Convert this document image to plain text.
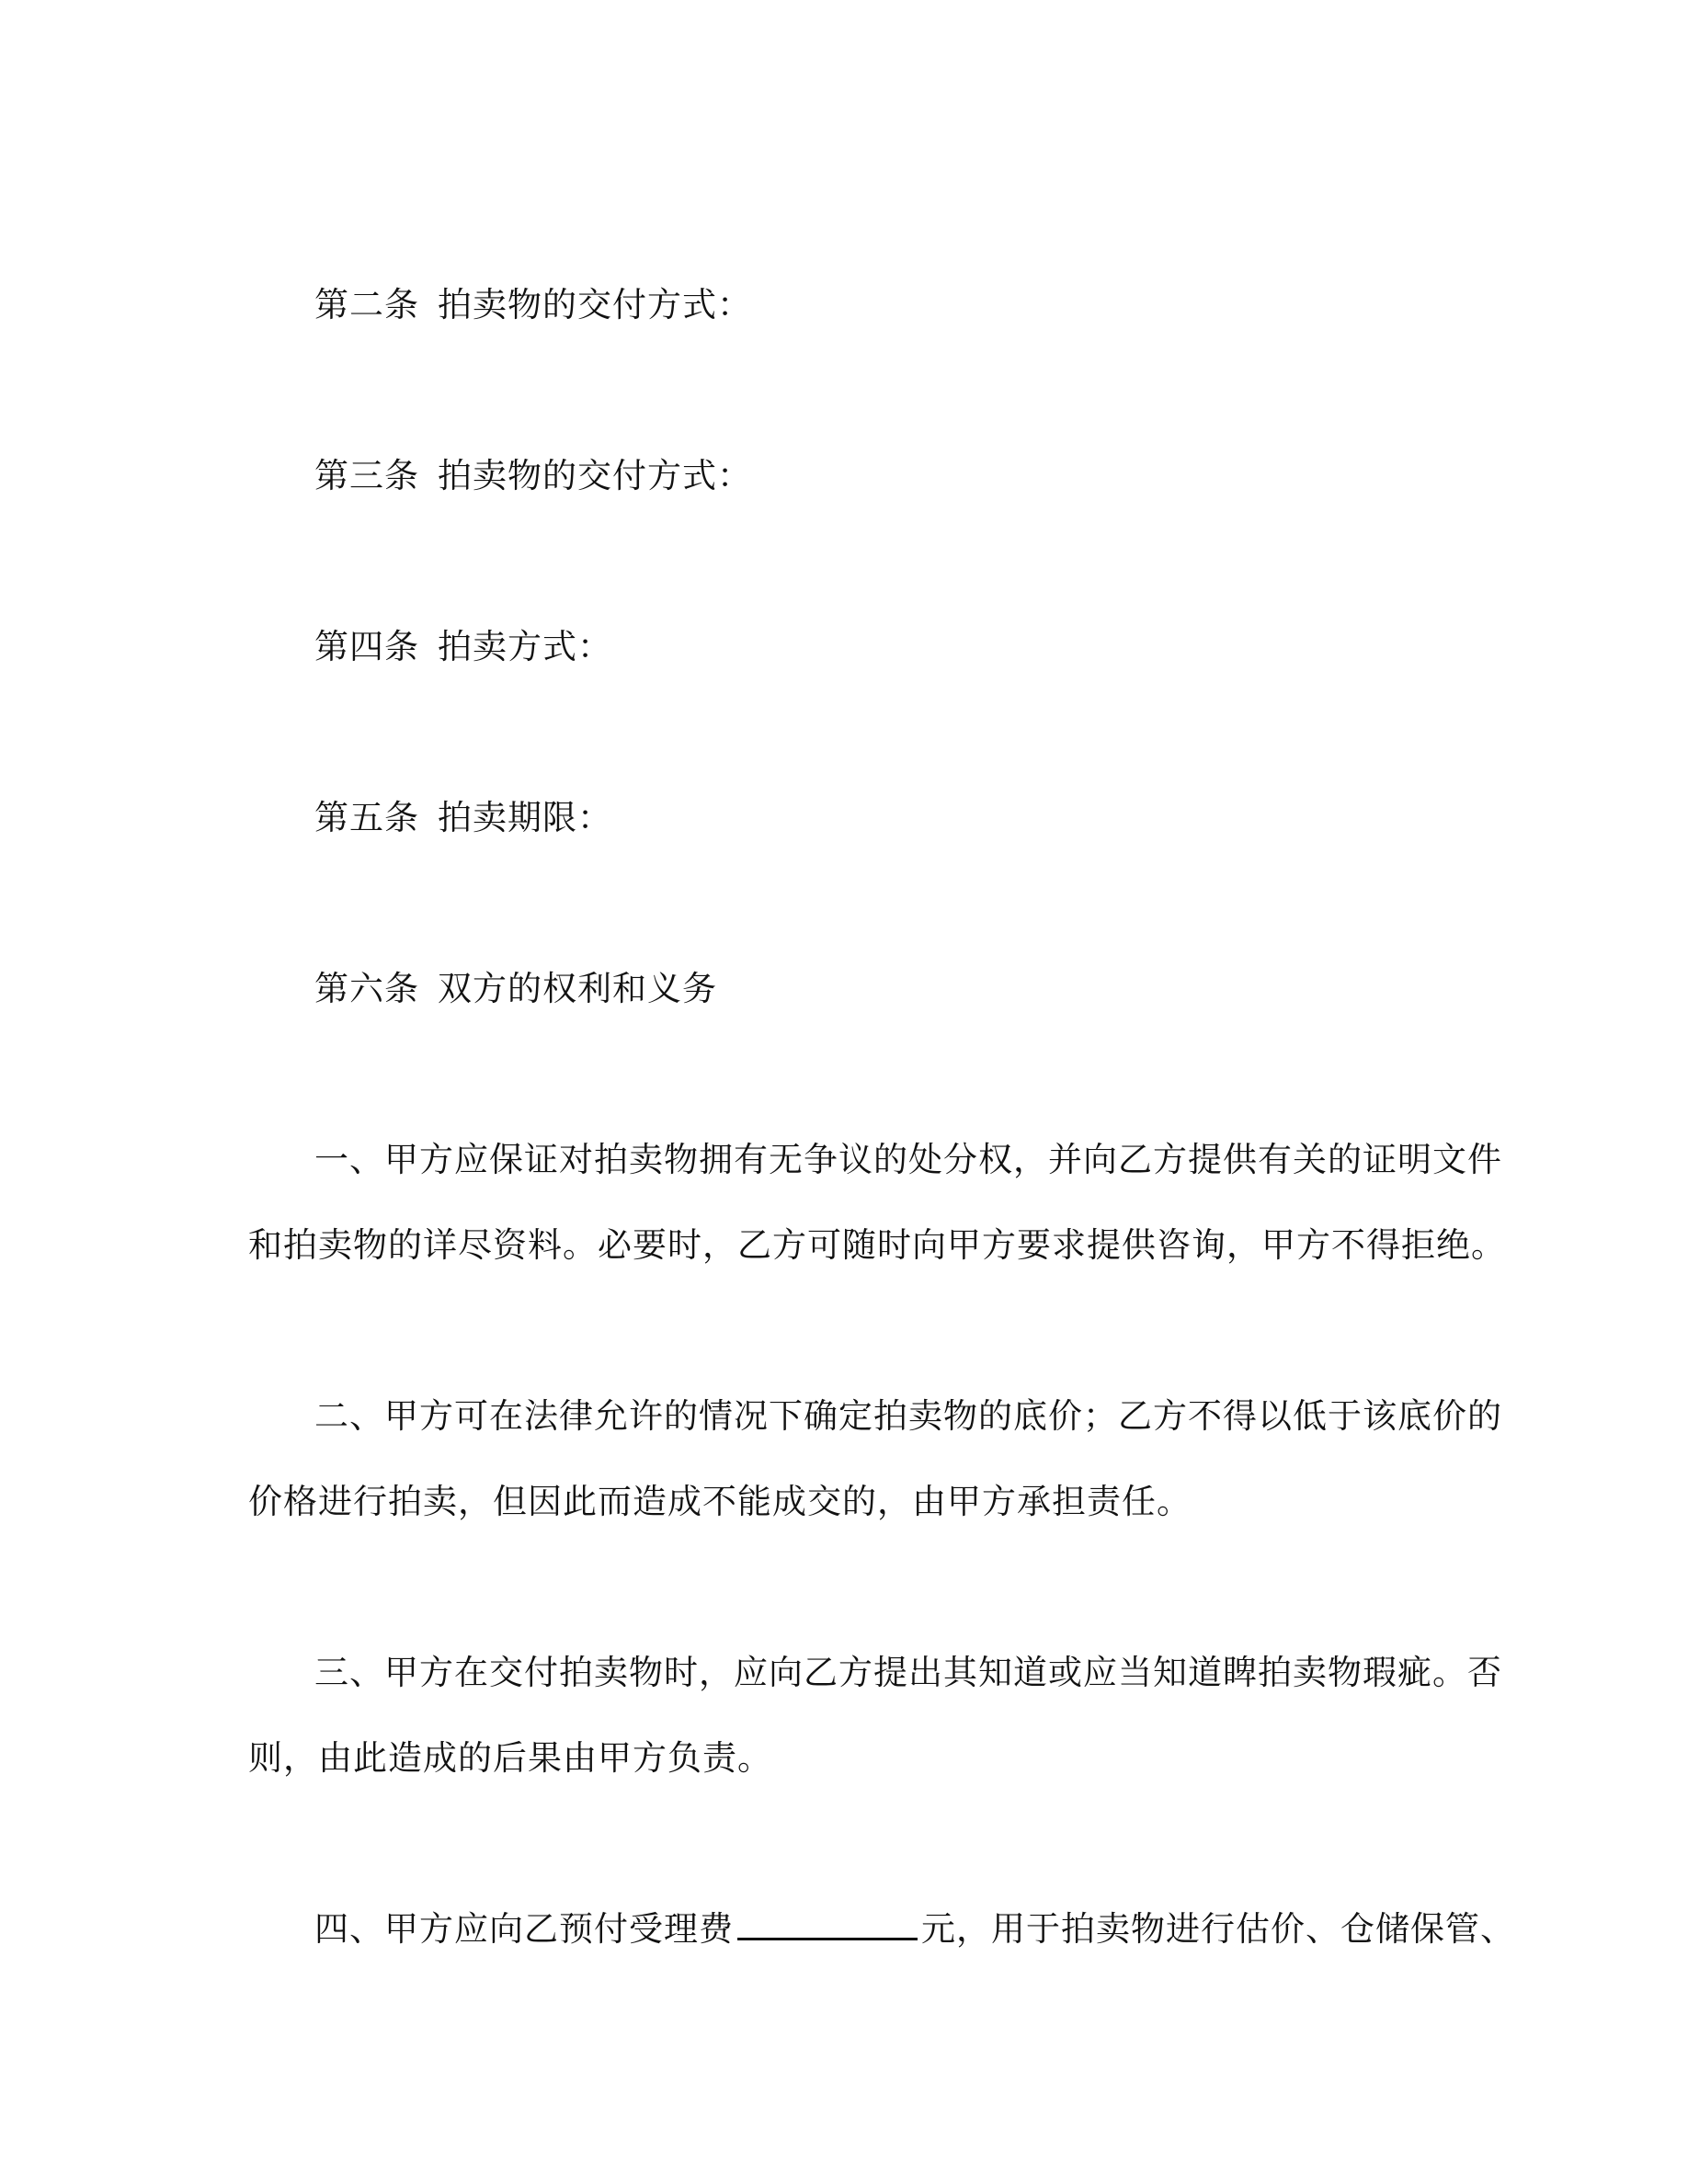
第二条 拍卖物的交付方式：
第三条 拍卖物的交付方式：
第四条 拍卖方式：
第五条 拍卖期限：
第六条 双方的权利和义务
一、甲方应保证对拍卖物拥有无争议的处分权，并向乙方提供有关的证明文件
和拍卖物的详尽资料。必要时，乙方可随时向甲方要求提供咨询，甲方不得拒绝。
二、甲方可在法律允许的情况下确定拍卖物的底价；乙方不得以低于该底价的
价格进行拍卖，但因此而造成不能成交的，由甲方承担责任。
三、甲方在交付拍卖物时，应向乙方提出其知道或应当知道睥拍卖物瑕疵。否
则，由此造成的后果由甲方负责。
四、甲方应向乙预付受理费	元，用于拍卖物进行估价、仓储保管、
